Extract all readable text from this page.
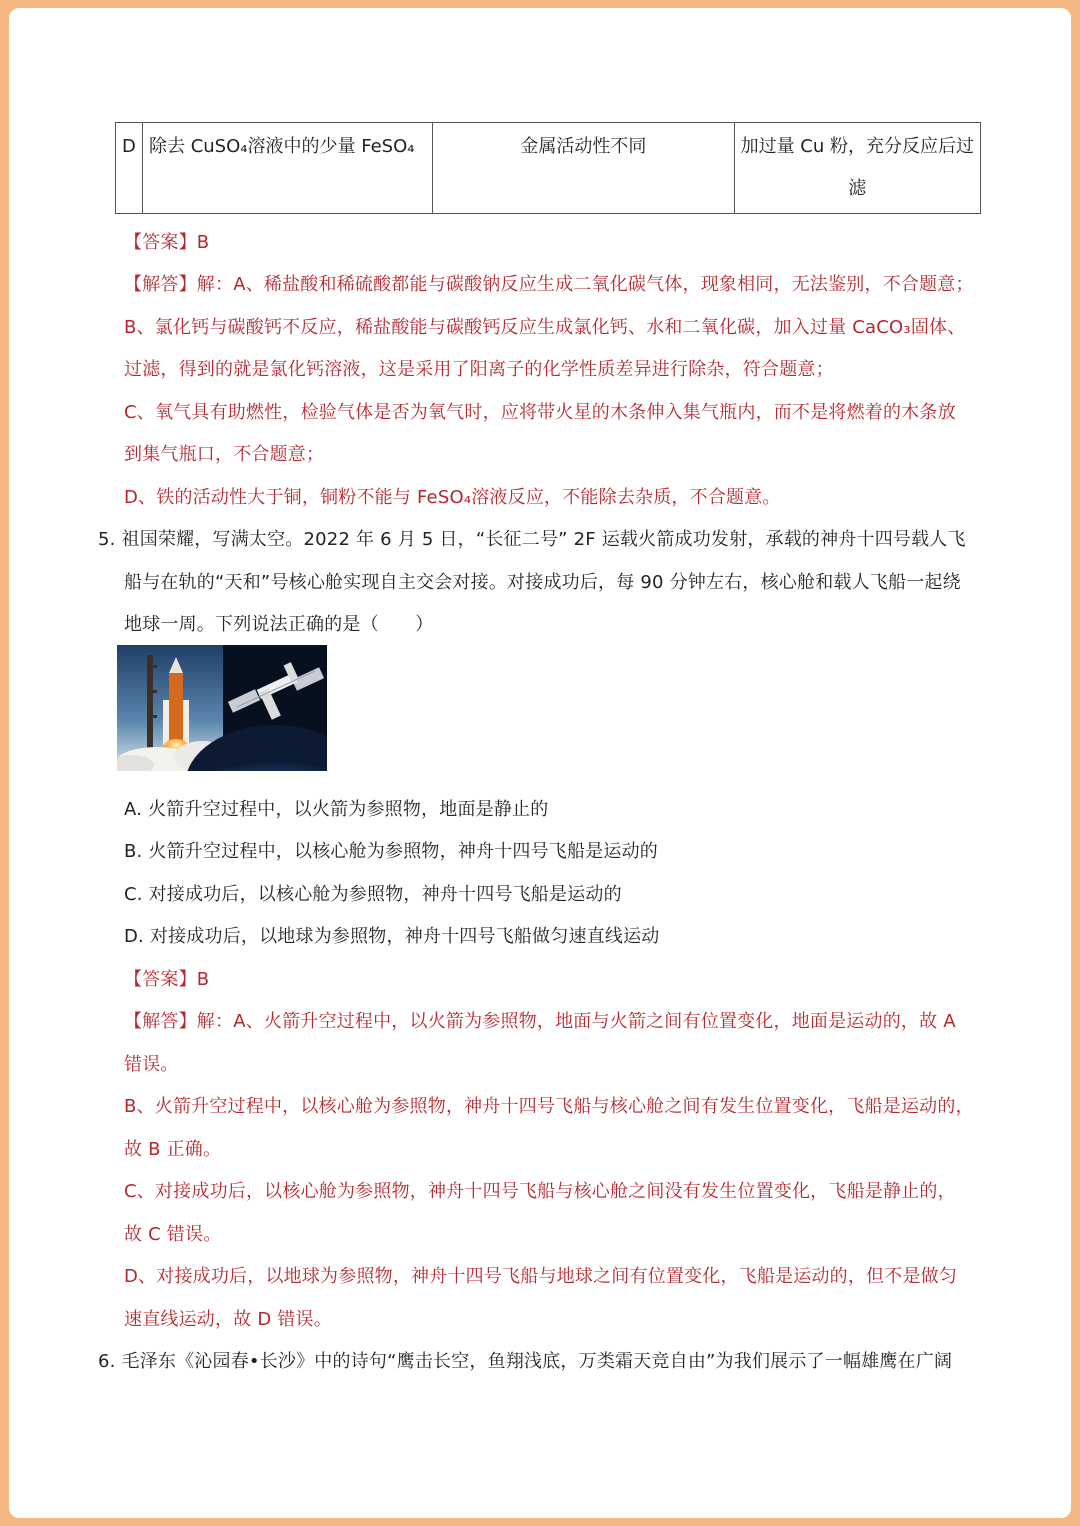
D	除去 CuSO₄溶液中的少量 FeSO₄	金属活动性不同	加过量 Cu 粉，充分反应后过
滤
【答案】B
【解答】解：A、稀盐酸和稀硫酸都能与碳酸钠反应生成二氧化碳气体，现象相同，无法鉴别，不合题意；
B、氯化钙与碳酸钙不反应，稀盐酸能与碳酸钙反应生成氯化钙、水和二氧化碳，加入过量 CaCO₃固体、
过滤，得到的就是氯化钙溶液，这是采用了阳离子的化学性质差异进行除杂，符合题意；
C、氧气具有助燃性，检验气体是否为氧气时，应将带火星的木条伸入集气瓶内，而不是将燃着的木条放
到集气瓶口，不合题意；
D、铁的活动性大于铜，铜粉不能与 FeSO₄溶液反应，不能除去杂质，不合题意。
5. 祖国荣耀，写满太空。2022 年 6 月 5 日，“长征二号” 2F 运载火箭成功发射，承载的神舟十四号载人飞
船与在轨的“天和”号核心舱实现自主交会对接。对接成功后，每 90 分钟左右，核心舱和载人飞船一起绕
地球一周。下列说法正确的是（　　）
A. 火箭升空过程中，以火箭为参照物，地面是静止的
B. 火箭升空过程中，以核心舱为参照物，神舟十四号飞船是运动的
C. 对接成功后，以核心舱为参照物，神舟十四号飞船是运动的
D. 对接成功后，以地球为参照物，神舟十四号飞船做匀速直线运动
【答案】B
【解答】解：A、火箭升空过程中，以火箭为参照物，地面与火箭之间有位置变化，地面是运动的，故 A
错误。
B、火箭升空过程中，以核心舱为参照物，神舟十四号飞船与核心舱之间有发生位置变化，飞船是运动的，
故 B 正确。
C、对接成功后，以核心舱为参照物，神舟十四号飞船与核心舱之间没有发生位置变化，飞船是静止的，
故 C 错误。
D、对接成功后，以地球为参照物，神舟十四号飞船与地球之间有位置变化，飞船是运动的，但不是做匀
速直线运动，故 D 错误。
6. 毛泽东《沁园春•长沙》中的诗句“鹰击长空，鱼翔浅底，万类霜天竞自由”为我们展示了一幅雄鹰在广阔
